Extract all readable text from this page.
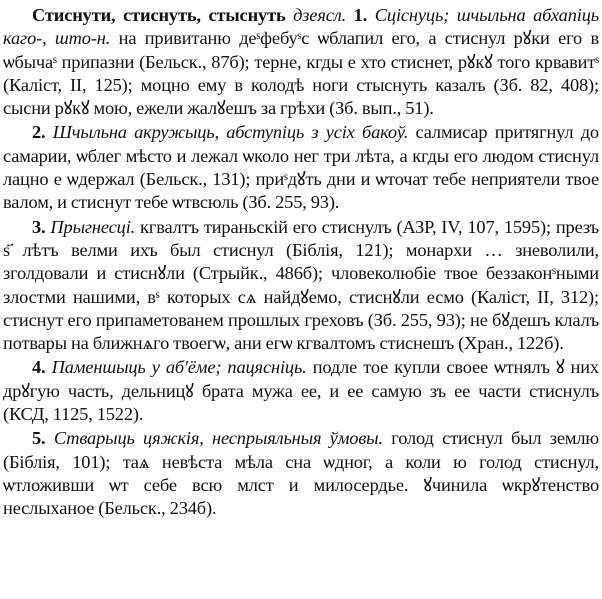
Стиснути, стиснуть, стыснуть дзеясл. 1. Сціснуць; шчыльна абхапіць каго-, што-н. на привитаню деˢфебуˢс ѡблапил его, а стиснул рꙋки его в ѡбычаˢ припазни (Бельск., 87б); терне, кгды е хто стиснет, рꙋкꙋ того крвавитˢ (Каліст, II, 125); моцно ему в колодѣ ноги стыснуть казалъ (Зб. 82, 408); сысни рꙋкꙋ мою, ежели жалꙋешъ за грѣхи (Зб. вып., 51).

2. Шчыльна акружыць, абступіць з усіх бакоў. салмисар притягнул до самарии, ѡблег мѣсто и лежал ѡколо нег три лѣта, а кгды его людом стиснул лацно е ѡдержал (Бельск., 131); приˢдꙋть дни и ѡточат тебе неприятели твое валом, и стиснут тебе ѡтвсюль (Зб. 255, 93).

3. Прыгнесці. кгвалтъ тираньскій его стиснулъ (АЗР, IV, 107, 1595); презъ ѕ҃ лѣтъ велми ихъ был стиснул (Біблія, 121); монархи … зневолили, зголдовали и стиснꙋли (Стрыйк., 486б); чловеколюбіе твое беззаконˢными злостми нашими, вˢ которых сѧ найдꙋемо, стиснꙋли есмо (Каліст, II, 312); стиснут его припаметованем прошлых греховъ (Зб. 255, 93); не бꙋдешъ клалъ потвары на ближнѧго твоегѡ, ани егѡ кгвалтомъ стиснешъ (Хран., 122б).

4. Паменшыць у аб'ёме; пацясніць. подле тое купли своее ѡтнялъ ꙋ них дрꙋгую часть, дельницꙋ брата мужа ее, и ее самую зъ ее части стиснулъ (КСД, 1125, 1522).

5. Стварыць цяжкія, неспрыяльныя ўмовы. голод стиснул был землю (Біблія, 101); таѧ невѣста мѣла сна ѡдног, а коли ю голод стиснул, ѡтложивши ѡт себе всю млст и милосердье. ꙋчинила ѡкрꙋтенство неслыханое (Бельск., 234б).
